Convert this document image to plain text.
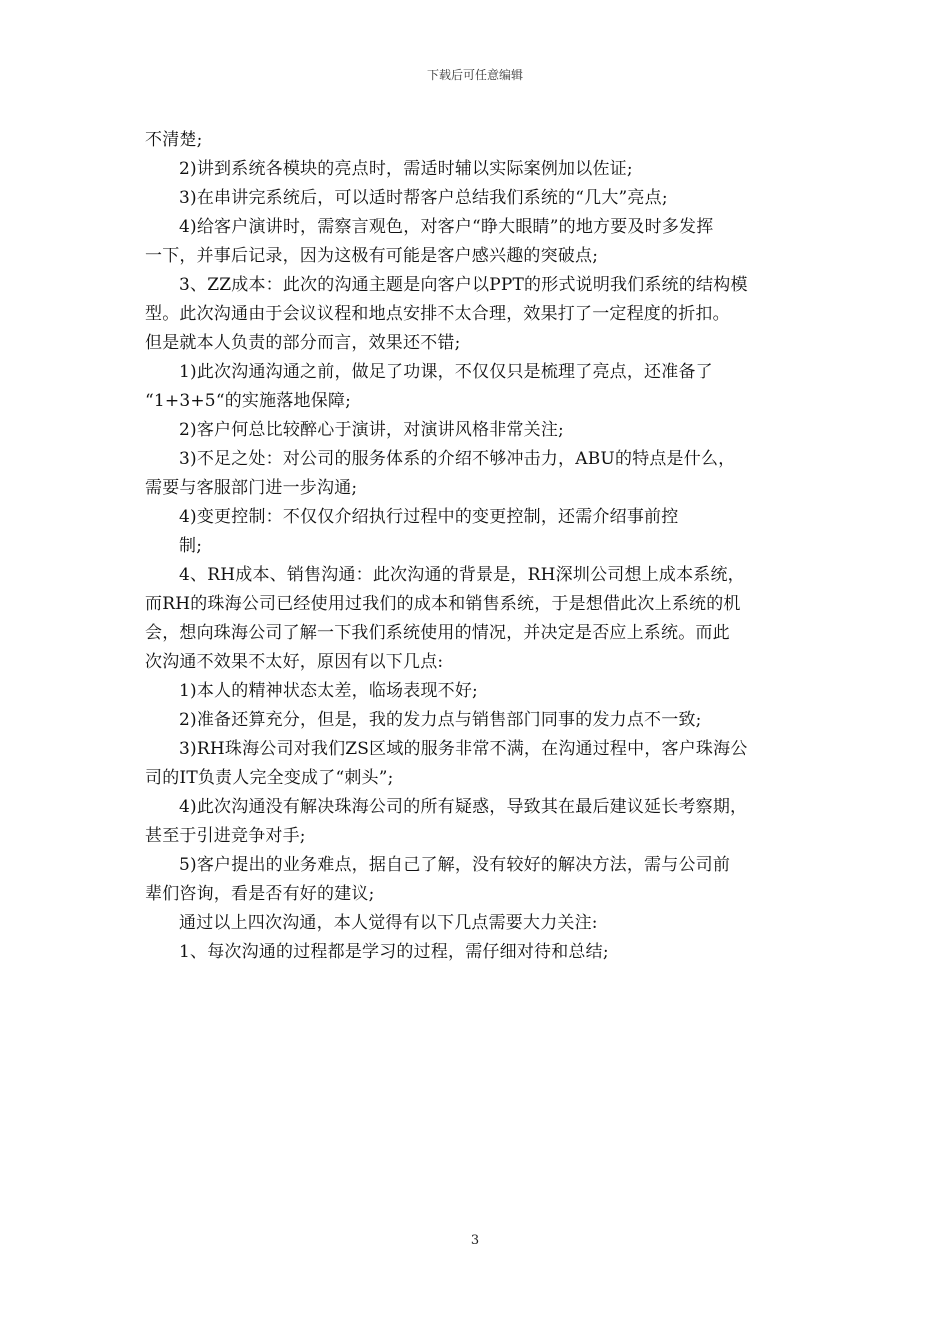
下载后可任意编辑
不清楚;
2)讲到系统各模块的亮点时，需适时辅以实际案例加以佐证;
3)在串讲完系统后，可以适时帮客户总结我们系统的“几大”亮点;
4)给客户演讲时，需察言观色，对客户“睁大眼睛”的地方要及时多发挥
一下，并事后记录，因为这极有可能是客户感兴趣的突破点;
3、ZZ成本：此次的沟通主题是向客户以PPT的形式说明我们系统的结构模
型。此次沟通由于会议议程和地点安排不太合理，效果打了一定程度的折扣。
但是就本人负责的部分而言，效果还不错;
1)此次沟通沟通之前，做足了功课，不仅仅只是梳理了亮点，还准备了
“1+3+5“的实施落地保障;
2)客户何总比较醉心于演讲，对演讲风格非常关注;
3)不足之处：对公司的服务体系的介绍不够冲击力，ABU的特点是什么，
需要与客服部门进一步沟通;
4)变更控制：不仅仅介绍执行过程中的变更控制，还需介绍事前控
制;
4、RH成本、销售沟通：此次沟通的背景是，RH深圳公司想上成本系统，
而RH的珠海公司已经使用过我们的成本和销售系统，于是想借此次上系统的机
会，想向珠海公司了解一下我们系统使用的情况，并决定是否应上系统。而此
次沟通不效果不太好，原因有以下几点:
1)本人的精神状态太差，临场表现不好;
2)准备还算充分，但是，我的发力点与销售部门同事的发力点不一致;
3)RH珠海公司对我们ZS区域的服务非常不满，在沟通过程中，客户珠海公
司的IT负责人完全变成了“刺头”;
4)此次沟通没有解决珠海公司的所有疑惑，导致其在最后建议延长考察期，
甚至于引进竞争对手;
5)客户提出的业务难点，据自己了解，没有较好的解决方法，需与公司前
辈们咨询，看是否有好的建议;
通过以上四次沟通，本人觉得有以下几点需要大力关注:
1、每次沟通的过程都是学习的过程，需仔细对待和总结;
3
